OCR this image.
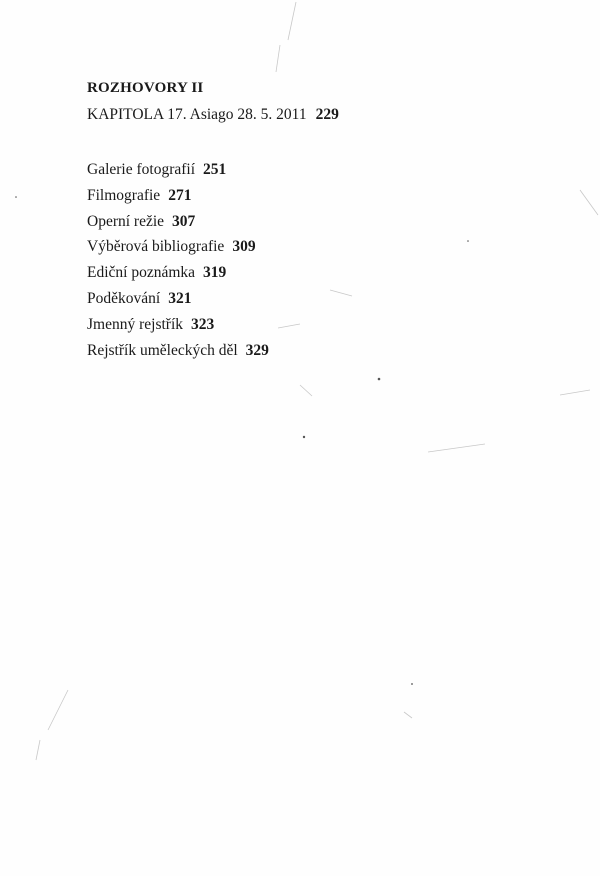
ROZHOVORY II
KAPITOLA 17. Asiago 28. 5. 2011 229
Galerie fotografií 251
Filmografie 271
Operní režie 307
Výběrová bibliografie 309
Ediční poznámka 319
Poděkování 321
Jmenný rejstřík 323
Rejstřík uměleckých děl 329
